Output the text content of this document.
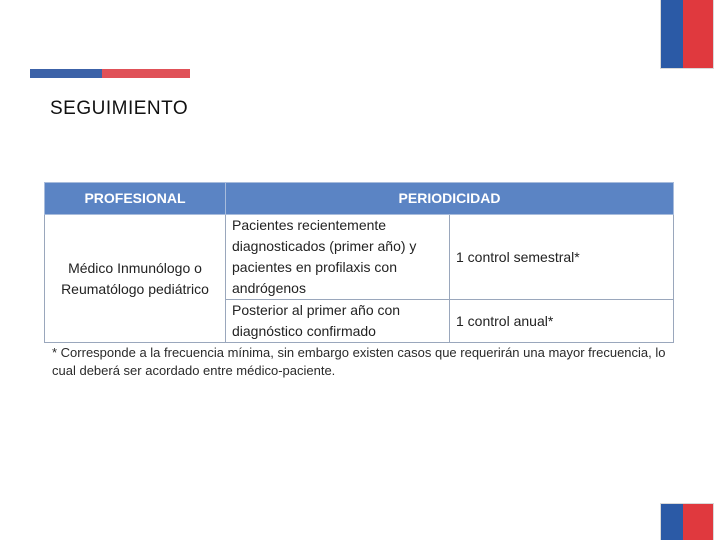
SEGUIMIENTO
PROFESIONAL	PERIODICIDAD	
Médico Inmunólogo o Reumatólogo pediátrico	Pacientes recientemente diagnosticados (primer año) y pacientes en profilaxis con andrógenos	1 control semestral*
	Posterior al primer año con diagnóstico confirmado	1 control anual*
* Corresponde a la frecuencia mínima, sin embargo existen casos que requerirán una mayor frecuencia, lo cual deberá ser acordado entre médico-paciente.
